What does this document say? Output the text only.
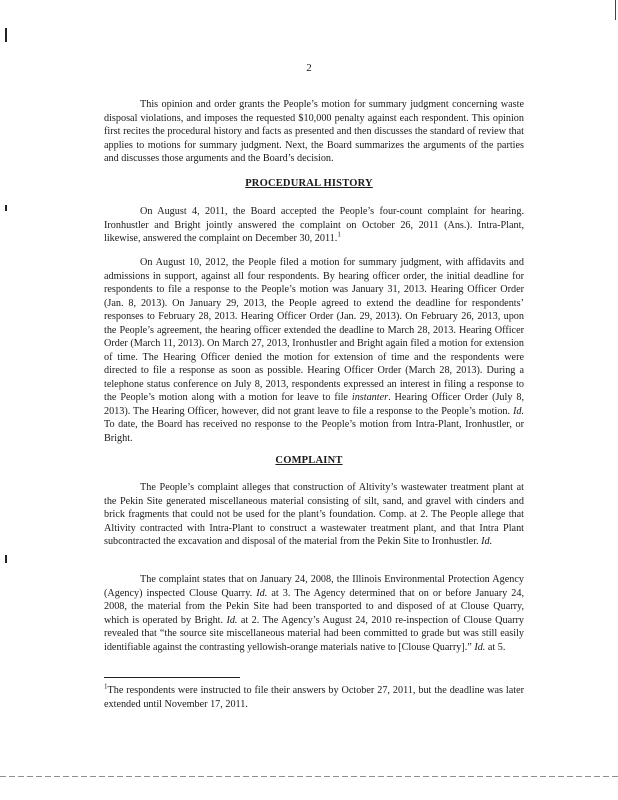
2

This opinion and order grants the People’s motion for summary judgment concerning waste disposal violations, and imposes the requested $10,000 penalty against each respondent. This opinion first recites the procedural history and facts as presented and then discusses the standard of review that applies to motions for summary judgment. Next, the Board summarizes the arguments of the parties and discusses those arguments and the Board’s decision.

PROCEDURAL HISTORY

On August 4, 2011, the Board accepted the People’s four-count complaint for hearing. Ironhustler and Bright jointly answered the complaint on October 26, 2011 (Ans.). Intra-Plant, likewise, answered the complaint on December 30, 2011.$^1$

On August 10, 2012, the People filed a motion for summary judgment, with affidavits and admissions in support, against all four respondents. By hearing officer order, the initial deadline for respondents to file a response to the People’s motion was January 31, 2013. Hearing Officer Order (Jan. 8, 2013). On January 29, 2013, the People agreed to extend the deadline for respondents’ responses to February 28, 2013. Hearing Officer Order (Jan. 29, 2013). On February 26, 2013, upon the People’s agreement, the hearing officer extended the deadline to March 28, 2013. Hearing Officer Order (March 11, 2013). On March 27, 2013, Ironhustler and Bright again filed a motion for extension of time. The Hearing Officer denied the motion for extension of time and the respondents were directed to file a response as soon as possible. Hearing Officer Order (March 28, 2013). During a telephone status conference on July 8, 2013, respondents expressed an interest in filing a response to the People’s motion along with a motion for leave to file instanter. Hearing Officer Order (July 8, 2013). The Hearing Officer, however, did not grant leave to file a response to the People’s motion. Id. To date, the Board has received no response to the People’s motion from Intra-Plant, Ironhustler, or Bright.

COMPLAINT

The People’s complaint alleges that construction of Altivity’s wastewater treatment plant at the Pekin Site generated miscellaneous material consisting of silt, sand, and gravel with cinders and brick fragments that could not be used for the plant’s foundation. Comp. at 2. The People allege that Altivity contracted with Intra-Plant to construct a wastewater treatment plant, and that Intra Plant subcontracted the excavation and disposal of the material from the Pekin Site to Ironhustler. Id.

The complaint states that on January 24, 2008, the Illinois Environmental Protection Agency (Agency) inspected Clouse Quarry. Id. at 3. The Agency determined that on or before January 24, 2008, the material from the Pekin Site had been transported to and disposed of at Clouse Quarry, which is operated by Bright. Id. at 2. The Agency’s August 24, 2010 re-inspection of Clouse Quarry revealed that “the source site miscellaneous material had been committed to grade but was still easily identifiable against the contrasting yellowish-orange materials native to [Clouse Quarry].” Id. at 5.

$^1$The respondents were instructed to file their answers by October 27, 2011, but the deadline was later extended until November 17, 2011.
